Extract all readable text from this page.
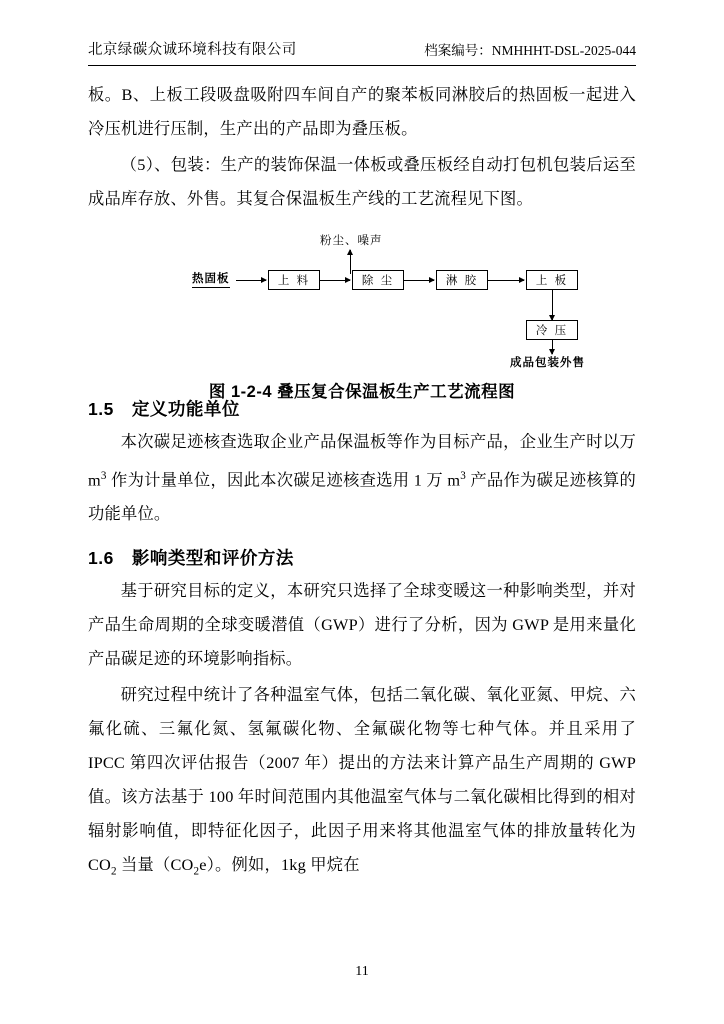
北京绿碳众诚环境科技有限公司	档案编号：NMHHHT-DSL-2025-044

板。B、上板工段吸盘吸附四车间自产的聚苯板同淋胶后的热固板一起进入冷压机进行压制，生产出的产品即为叠压板。

（5）、包装：生产的装饰保温一体板或叠压板经自动打包机包装后运至成品库存放、外售。其复合保温板生产线的工艺流程见下图。

粉尘、噪声
热固板	上 料	除 尘	淋 胶	上 板
冷 压
成品包装外售
图 1-2-4 叠压复合保温板生产工艺流程图
1.5 定义功能单位

本次碳足迹核查选取企业产品保温板等作为目标产品，企业生产时以万 $m^3$ 作为计量单位，因此本次碳足迹核查选用 1 万 $m^3$ 产品作为碳足迹核算的功能单位。

1.6 影响类型和评价方法

基于研究目标的定义，本研究只选择了全球变暖这一种影响类型，并对产品生命周期的全球变暖潜值（GWP）进行了分析，因为 GWP 是用来量化产品碳足迹的环境影响指标。

研究过程中统计了各种温室气体，包括二氧化碳、氧化亚氮、甲烷、六氟化硫、三氟化氮、氢氟碳化物、全氟碳化物等七种气体。并且采用了 IPCC 第四次评估报告（2007 年）提出的方法来计算产品生产周期的 GWP 值。该方法基于 100 年时间范围内其他温室气体与二氧化碳相比得到的相对辐射影响值，即特征化因子，此因子用来将其他温室气体的排放量转化为 $CO_2$ 当量$(CO_2e)$。例如，1kg 甲烷在

11
